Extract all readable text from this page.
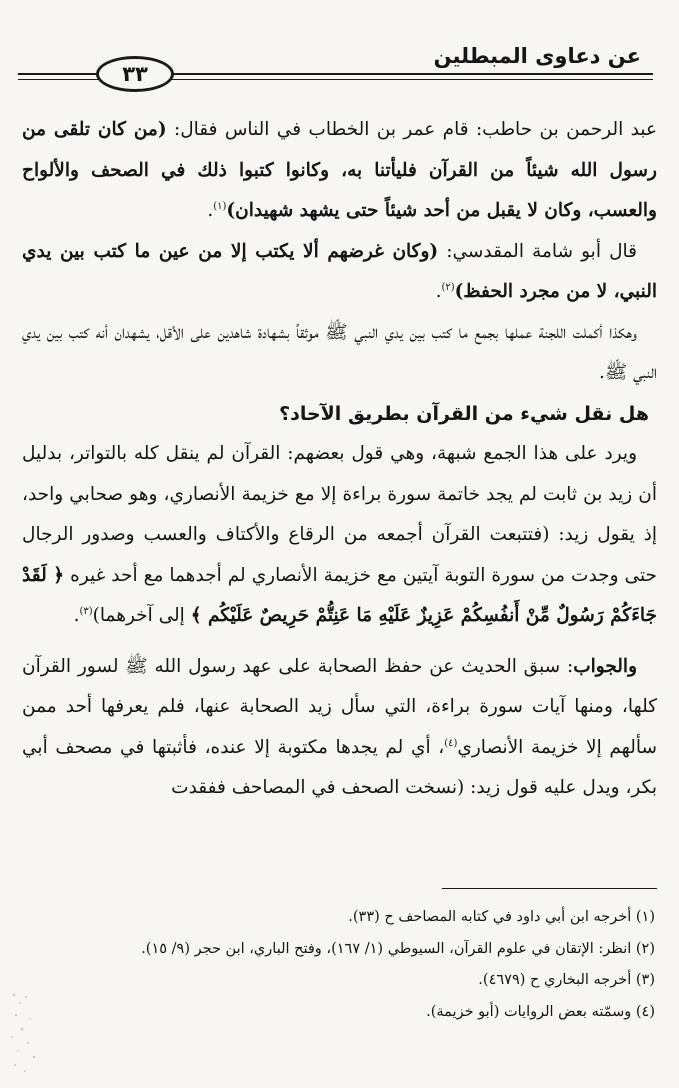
عن دعاوى المبطلين
٣٣

عبد الرحمن بن حاطب: قام عمر بن الخطاب في الناس فقال: (من كان تلقى من رسول الله شيئاً من القرآن فليأتنا به، وكانوا كتبوا ذلك في الصحف والألواح والعسب، وكان لا يقبل من أحد شيئاً حتى يشهد شهيدان)$^{(١)}$.

قال أبو شامة المقدسي: (وكان غرضهم ألا يكتب إلا من عين ما كتب بين يدي النبي، لا من مجرد الحفظ)$^{(٢)}$.

وهكذا أكملت اللجنة عملها بجمع ما كتب بين يدي النبي ﷺ موثقاً بشهادة شاهدين على الأقل، يشهدان أنه كتب بين يدي النبي ﷺ.

هل نقل شيء من القرآن بطريق الآحاد؟

ويرد على هذا الجمع شبهة، وهي قول بعضهم: القرآن لم ينقل كله بالتواتر، بدليل أن زيد بن ثابت لم يجد خاتمة سورة براءة إلا مع خزيمة الأنصاري، وهو صحابي واحد، إذ يقول زيد: (فتتبعت القرآن أجمعه من الرقاع والأكتاف والعسب وصدور الرجال حتى وجدت من سورة التوبة آيتين مع خزيمة الأنصاري لم أجدهما مع أحد غيره ﴿ لَقَدْ جَاءَكُمْ رَسُولٌ مِّنْ أَنفُسِكُمْ عَزِيزٌ عَلَيْهِ مَا عَنِتُّمْ حَرِيصٌ عَلَيْكُم ﴾ إلى آخرهما)$^{(٣)}$.

والجواب: سبق الحديث عن حفظ الصحابة على عهد رسول الله ﷺ لسور القرآن كلها، ومنها آيات سورة براءة، التي سأل زيد الصحابة عنها، فلم يعرفها أحد ممن سألهم إلا خزيمة الأنصاري$^{(٤)}$، أي لم يجدها مكتوبة إلا عنده، فأثبتها في مصحف أبي بكر، ويدل عليه قول زيد: (نسخت الصحف في المصاحف ففقدت

(١) أخرجه ابن أبي داود في كتابه المصاحف ح (٣٣).

(٢) انظر: الإتقان في علوم القرآن، السيوطي (١/ ١٦٧)، وفتح الباري، ابن حجر (٩/ ١٥).

(٣) أخرجه البخاري ح (٤٦٧٩).

(٤) وسمّته بعض الروايات (أبو خزيمة).
